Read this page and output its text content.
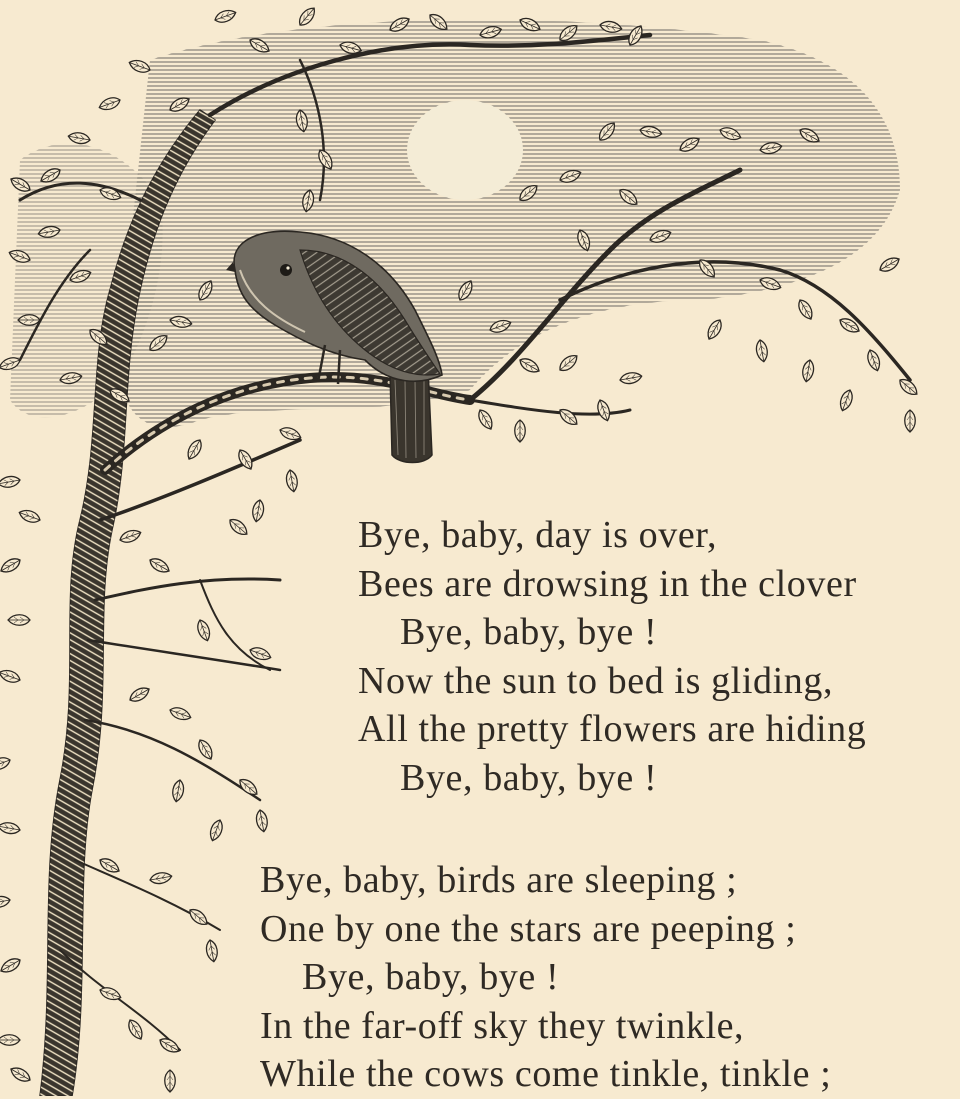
Bye, baby, day is over,
Bees are drowsing in the clover
Bye, baby, bye !
Now the sun to bed is gliding,
All the pretty flowers are hiding
Bye, baby, bye !
Bye, baby, birds are sleeping ;
One by one the stars are peeping ;
Bye, baby, bye !
In the far-off sky they twinkle,
While the cows come tinkle, tinkle ;
